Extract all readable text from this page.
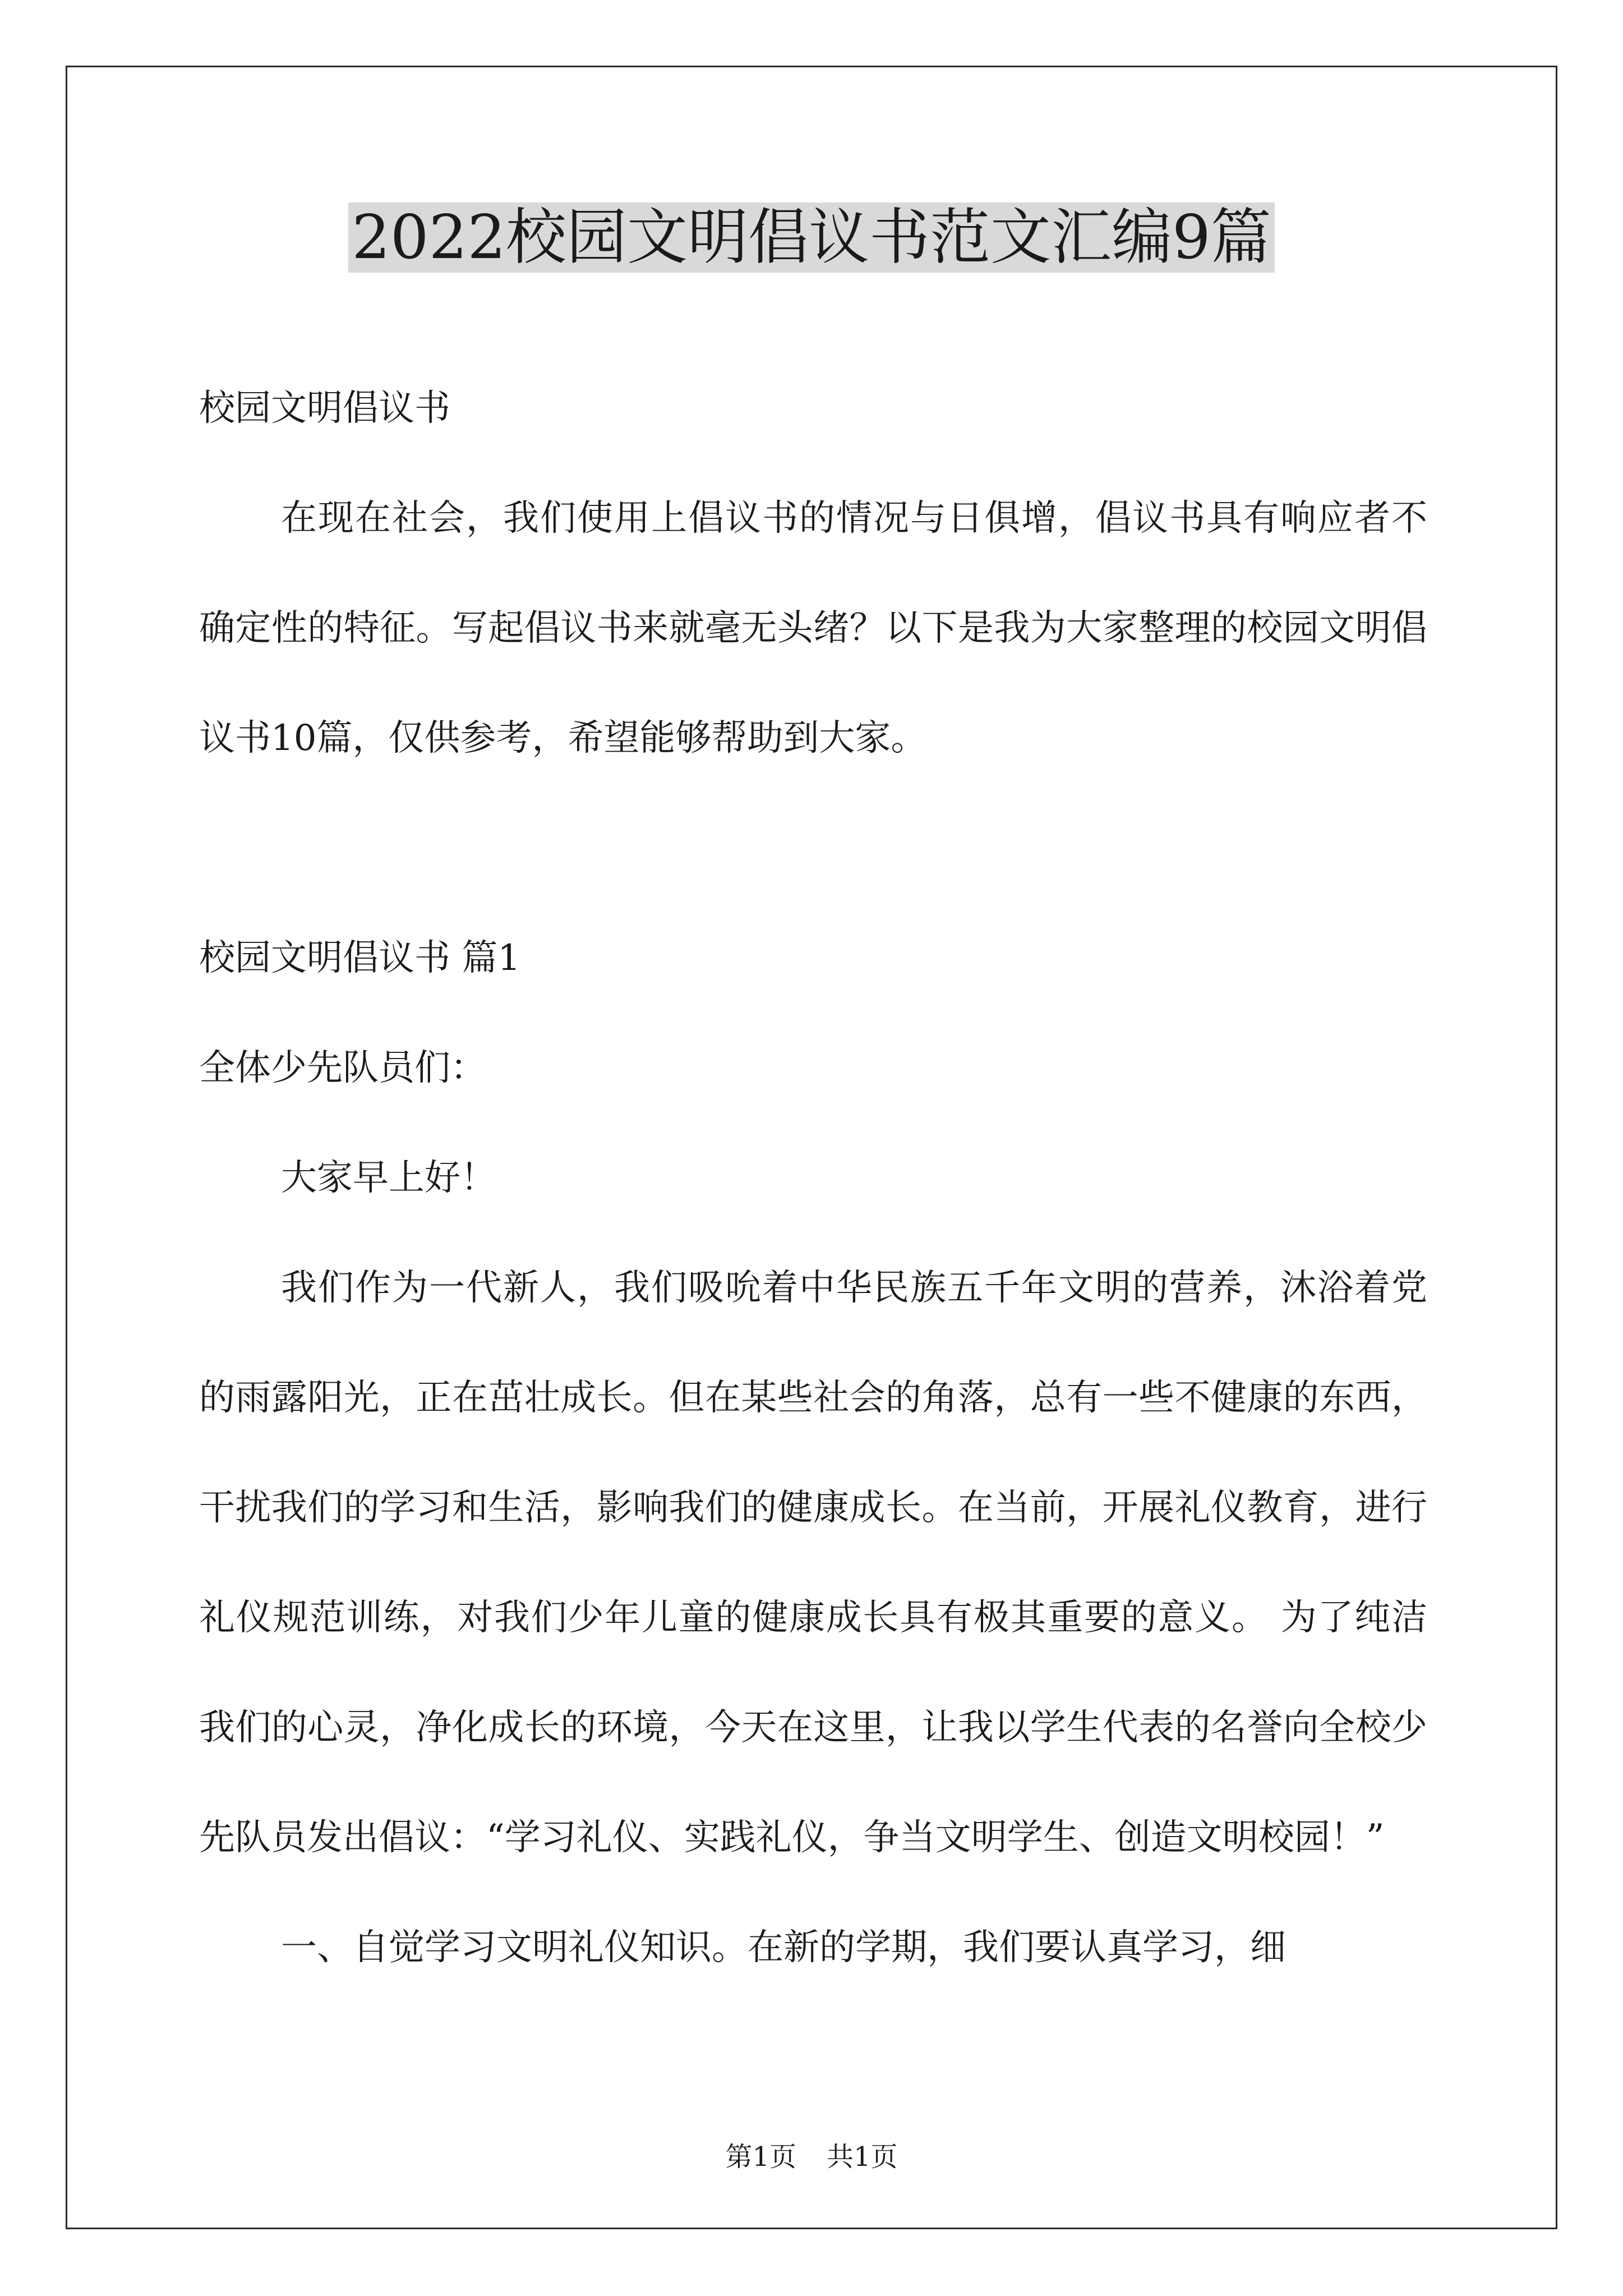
2022校园文明倡议书范文汇编9篇

校园文明倡议书

在现在社会，我们使用上倡议书的情况与日俱增，倡议书具有响应者不确定性的特征。写起倡议书来就毫无头绪？以下是我为大家整理的校园文明倡议书10篇，仅供参考，希望能够帮助到大家。

校园文明倡议书 篇1

全体少先队员们：

大家早上好！

我们作为一代新人，我们吸吮着中华民族五千年文明的营养，沐浴着党的雨露阳光，正在茁壮成长。但在某些社会的角落，总有一些不健康的东西，干扰我们的学习和生活，影响我们的健康成长。在当前，开展礼仪教育，进行礼仪规范训练，对我们少年儿童的健康成长具有极其重要的意义。 为了纯洁我们的心灵，净化成长的环境，今天在这里，让我以学生代表的名誉向全校少先队员发出倡议：“学习礼仪、实践礼仪，争当文明学生、创造文明校园！”

一、自觉学习文明礼仪知识。在新的学期，我们要认真学习，细

第1页 共1页
